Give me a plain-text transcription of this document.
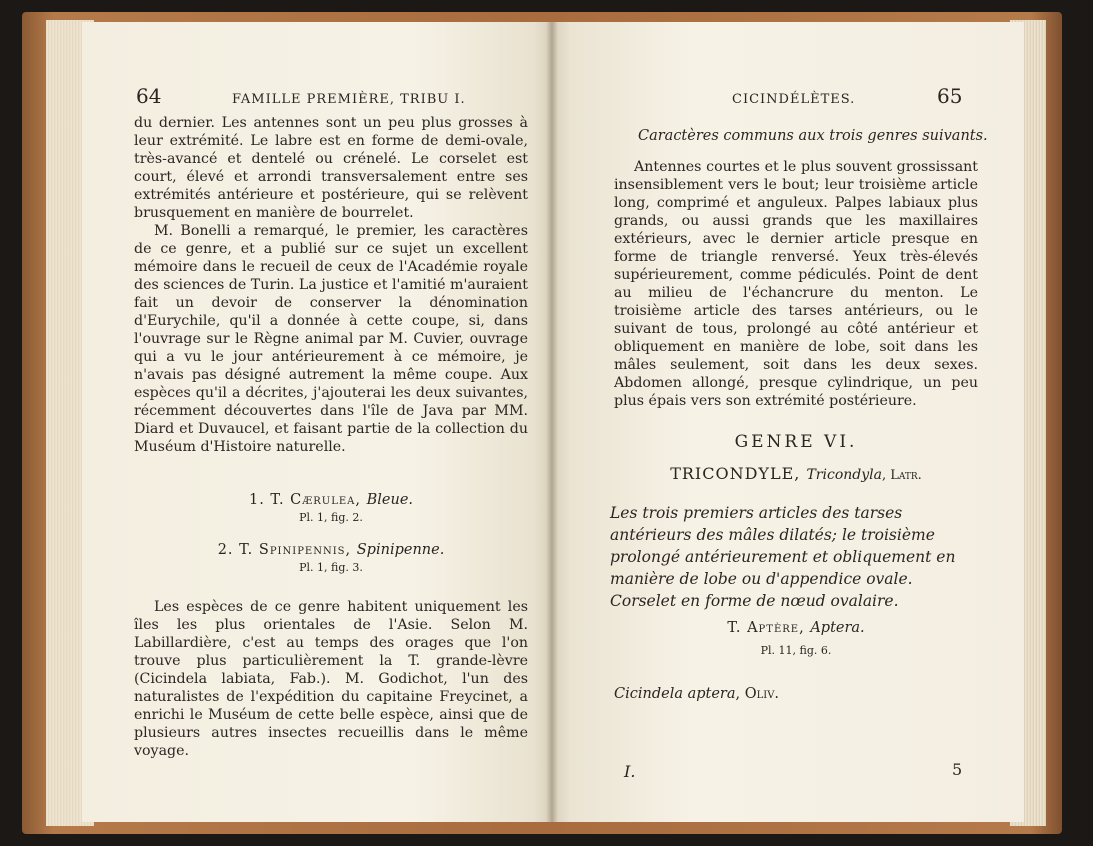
64	FAMILLE PREMIÈRE, TRIBU I.

du dernier. Les antennes sont un peu plus grosses à leur extrémité. Le labre est en forme de demi-ovale, très-avancé et dentelé ou crénelé. Le corselet est court, élevé et arrondi transversalement entre ses extrémités antérieure et postérieure, qui se relèvent brusquement en manière de bourrelet.

M. Bonelli a remarqué, le premier, les caractères de ce genre, et a publié sur ce sujet un excellent mémoire dans le recueil de ceux de l'Académie royale des sciences de Turin. La justice et l'amitié m'auraient fait un devoir de conserver la dénomination d'Eurychile, qu'il a donnée à cette coupe, si, dans l'ouvrage sur le Règne animal par M. Cuvier, ouvrage qui a vu le jour antérieurement à ce mémoire, je n'avais pas désigné autrement la même coupe. Aux espèces qu'il a décrites, j'ajouterai les deux suivantes, récemment découvertes dans l'île de Java par MM. Diard et Duvaucel, et faisant partie de la collection du Muséum d'Histoire naturelle.

1. T. Cærulea, Bleue.
Pl. 1, fig. 2.
2. T. Spinipennis, Spinipenne.
Pl. 1, fig. 3.

Les espèces de ce genre habitent uniquement les îles les plus orientales de l'Asie. Selon M. Labillardière, c'est au temps des orages que l'on trouve plus particulièrement la T. grande-lèvre (Cicindela labiata, Fab.). M. Godichot, l'un des naturalistes de l'expédition du capitaine Freycinet, a enrichi le Muséum de cette belle espèce, ainsi que de plusieurs autres insectes recueillis dans le même voyage.

CICINDÉLÈTES.	65
Caractères communs aux trois genres suivants.

Antennes courtes et le plus souvent grossissant insensiblement vers le bout; leur troisième article long, comprimé et anguleux. Palpes labiaux plus grands, ou aussi grands que les maxillaires extérieurs, avec le dernier article presque en forme de triangle renversé. Yeux très-élevés supérieurement, comme pédiculés. Point de dent au milieu de l'échancrure du menton. Le troisième article des tarses antérieurs, ou le suivant de tous, prolongé au côté antérieur et obliquement en manière de lobe, soit dans les mâles seulement, soit dans les deux sexes. Abdomen allongé, presque cylindrique, un peu plus épais vers son extrémité postérieure.

GENRE VI.
TRICONDYLE, Tricondyla, Latr.
Les trois premiers articles des tarses antérieurs des mâles dilatés; le troisième prolongé antérieurement et obliquement en manière de lobe ou d'appendice ovale. Corselet en forme de nœud ovalaire.
T. Aptère, Aptera.
Pl. 11, fig. 6.
Cicindela aptera, Oliv.
I.	5
